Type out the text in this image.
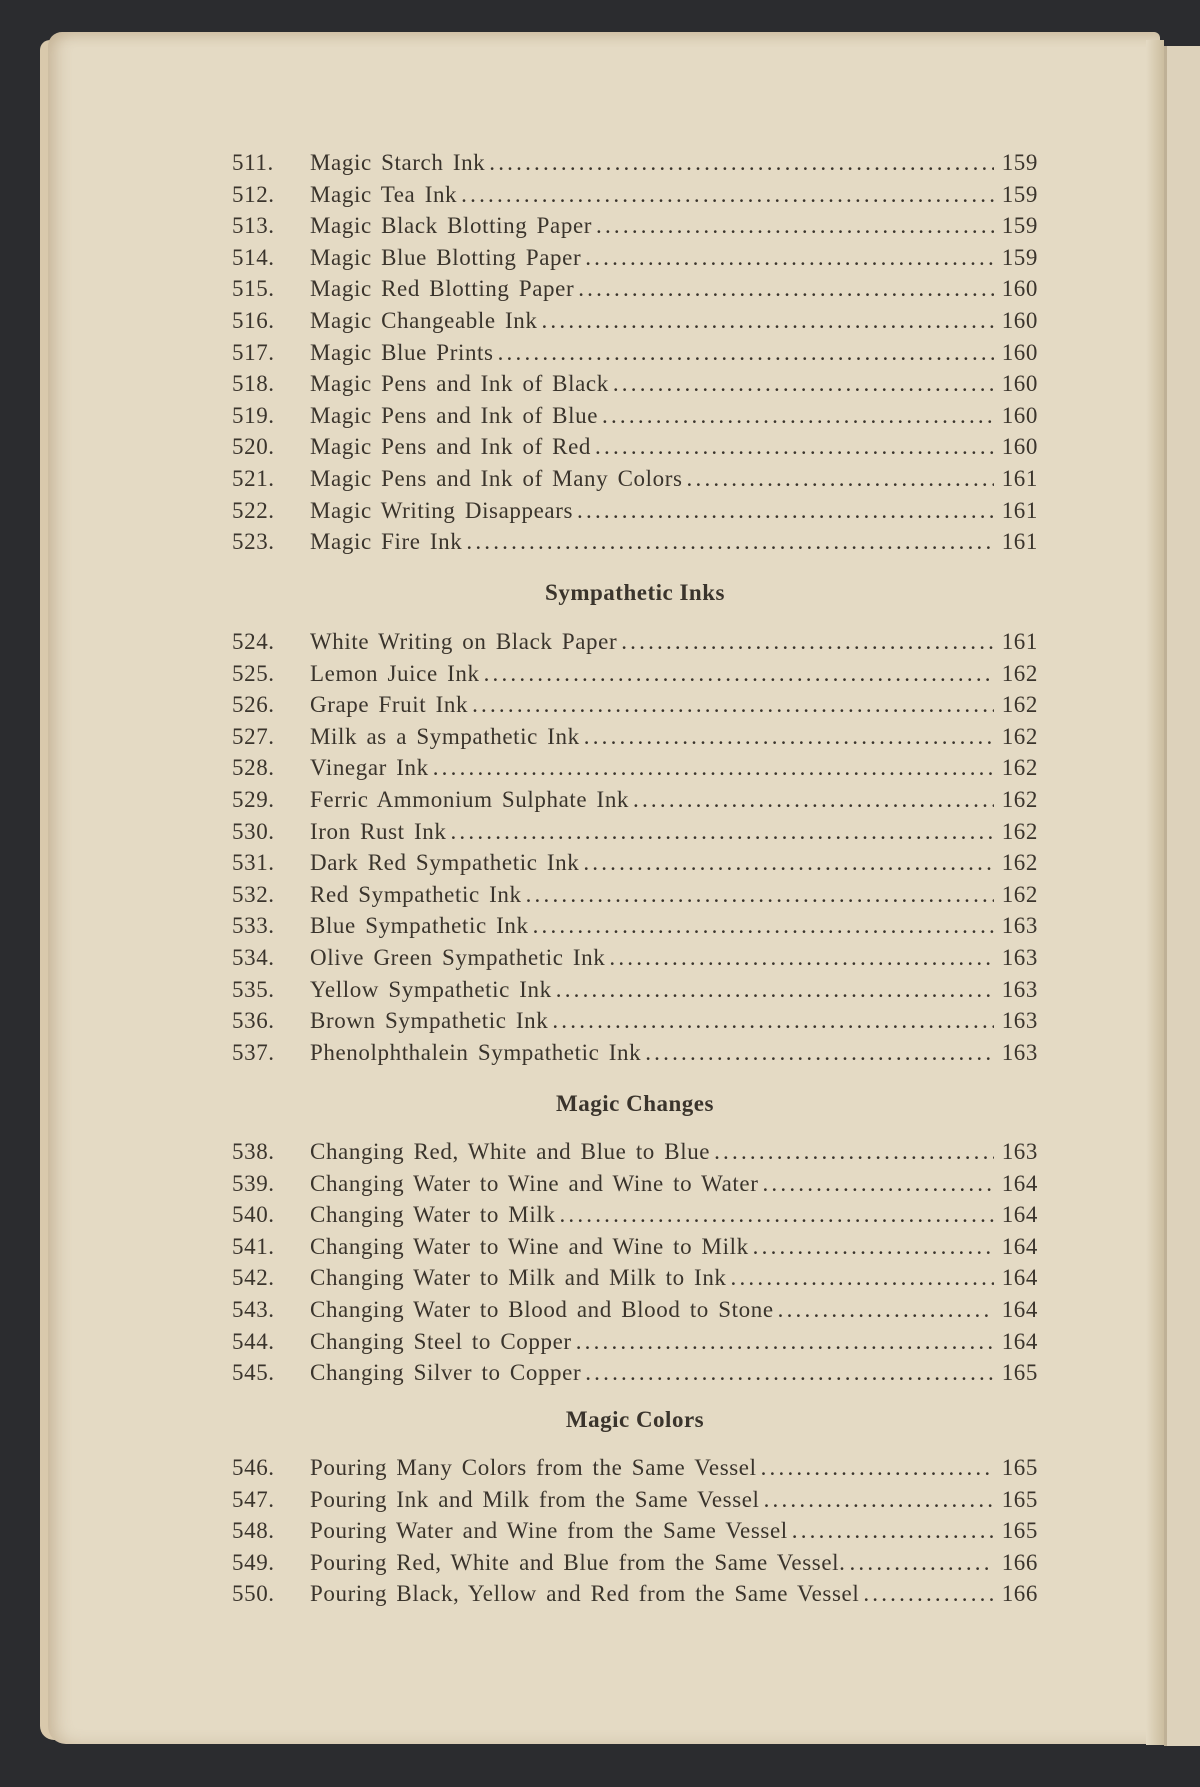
511.	Magic Starch Ink .....	159
512.	Magic Tea Ink .....	159
513.	Magic Black Blotting Paper .....	159
514.	Magic Blue Blotting Paper .....	159
515.	Magic Red Blotting Paper .....	160
516.	Magic Changeable Ink .....	160
517.	Magic Blue Prints .....	160
518.	Magic Pens and Ink of Black .....	160
519.	Magic Pens and Ink of Blue .....	160
520.	Magic Pens and Ink of Red .....	160
521.	Magic Pens and Ink of Many Colors .....	161
522.	Magic Writing Disappears .....	161
523.	Magic Fire Ink .....	161
Sympathetic Inks
524.	White Writing on Black Paper .....	161
525.	Lemon Juice Ink .....	162
526.	Grape Fruit Ink .....	162
527.	Milk as a Sympathetic Ink .....	162
528.	Vinegar Ink .....	162
529.	Ferric Ammonium Sulphate Ink .....	162
530.	Iron Rust Ink .....	162
531.	Dark Red Sympathetic Ink .....	162
532.	Red Sympathetic Ink .....	162
533.	Blue Sympathetic Ink .....	163
534.	Olive Green Sympathetic Ink .....	163
535.	Yellow Sympathetic Ink .....	163
536.	Brown Sympathetic Ink .....	163
537.	Phenolphthalein Sympathetic Ink .....	163
Magic Changes
538.	Changing Red, White and Blue to Blue .....	163
539.	Changing Water to Wine and Wine to Water .....	164
540.	Changing Water to Milk .....	164
541.	Changing Water to Wine and Wine to Milk .....	164
542.	Changing Water to Milk and Milk to Ink .....	164
543.	Changing Water to Blood and Blood to Stone .....	164
544.	Changing Steel to Copper .....	164
545.	Changing Silver to Copper .....	165
Magic Colors
546.	Pouring Many Colors from the Same Vessel .....	165
547.	Pouring Ink and Milk from the Same Vessel .....	165
548.	Pouring Water and Wine from the Same Vessel .....	165
549.	Pouring Red, White and Blue from the Same Vessel. .....	166
550.	Pouring Black, Yellow and Red from the Same Vessel .....	166
